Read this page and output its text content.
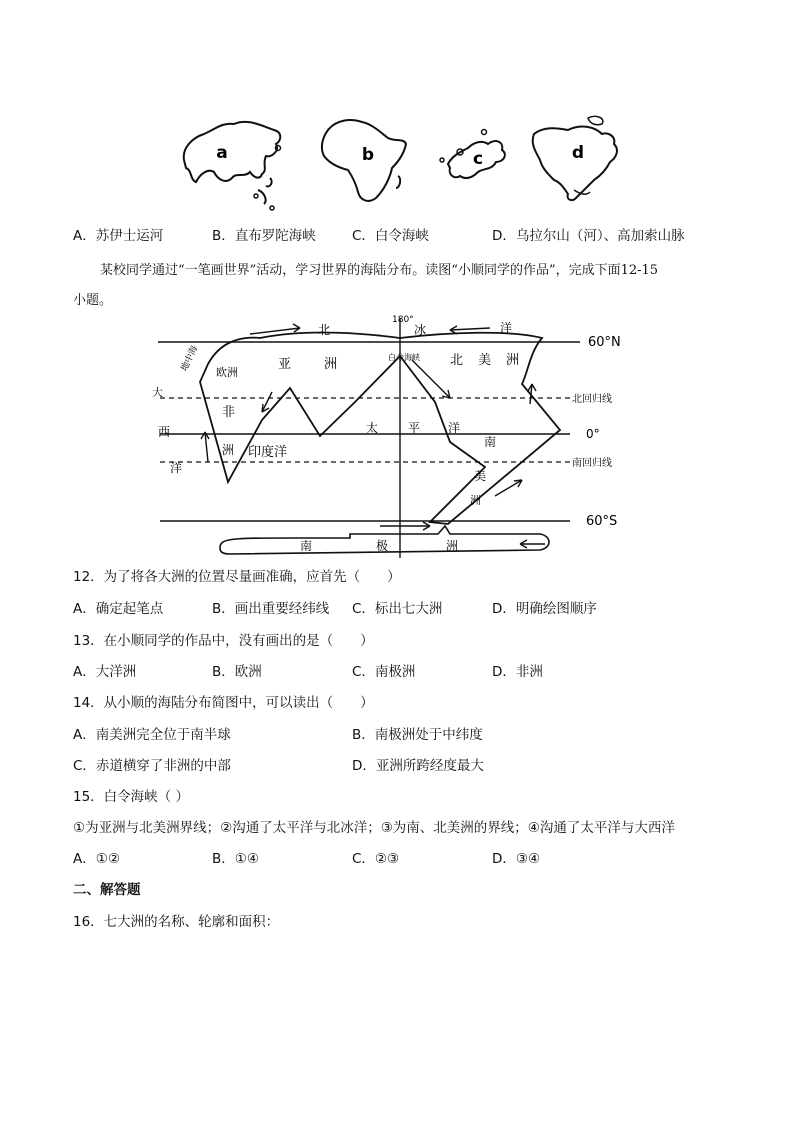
a	b	c	d
A．苏伊士运河	B．直布罗陀海峡	C．白令海峡	D．乌拉尔山（河）、高加索山脉
某校同学通过“一笔画世界”活动，学习世界的海陆分布。读图“小顺同学的作品”，完成下面12-15
小题。
60°N
北回归线
0°
南回归线
60°S
180°
北	冰	洋
亚	洲	北 美 洲
白令海峡
欧洲
地中海
大
非
洲
西
洋
印度洋
太 平 洋
南
美
洲
南	极	洲
12．为了将各大洲的位置尽量画准确，应首先（　　）
A．确定起笔点	B．画出重要经纬线 C．标出七大洲	D．明确绘图顺序
13．在小顺同学的作品中，没有画出的是（　　）
A．大洋洲	B．欧洲	C．南极洲	D．非洲
14．从小顺的海陆分布简图中，可以读出（　　）
A．南美洲完全位于南半球	B．南极洲处于中纬度
C．赤道横穿了非洲的中部	D．亚洲所跨经度最大
15．白令海峡（ ）
①为亚洲与北美洲界线；②沟通了太平洋与北冰洋；③为南、北美洲的界线；④沟通了太平洋与大西洋
A．①②	B．①④	C．②③	D．③④
二、解答题
16．七大洲的名称、轮廓和面积：
